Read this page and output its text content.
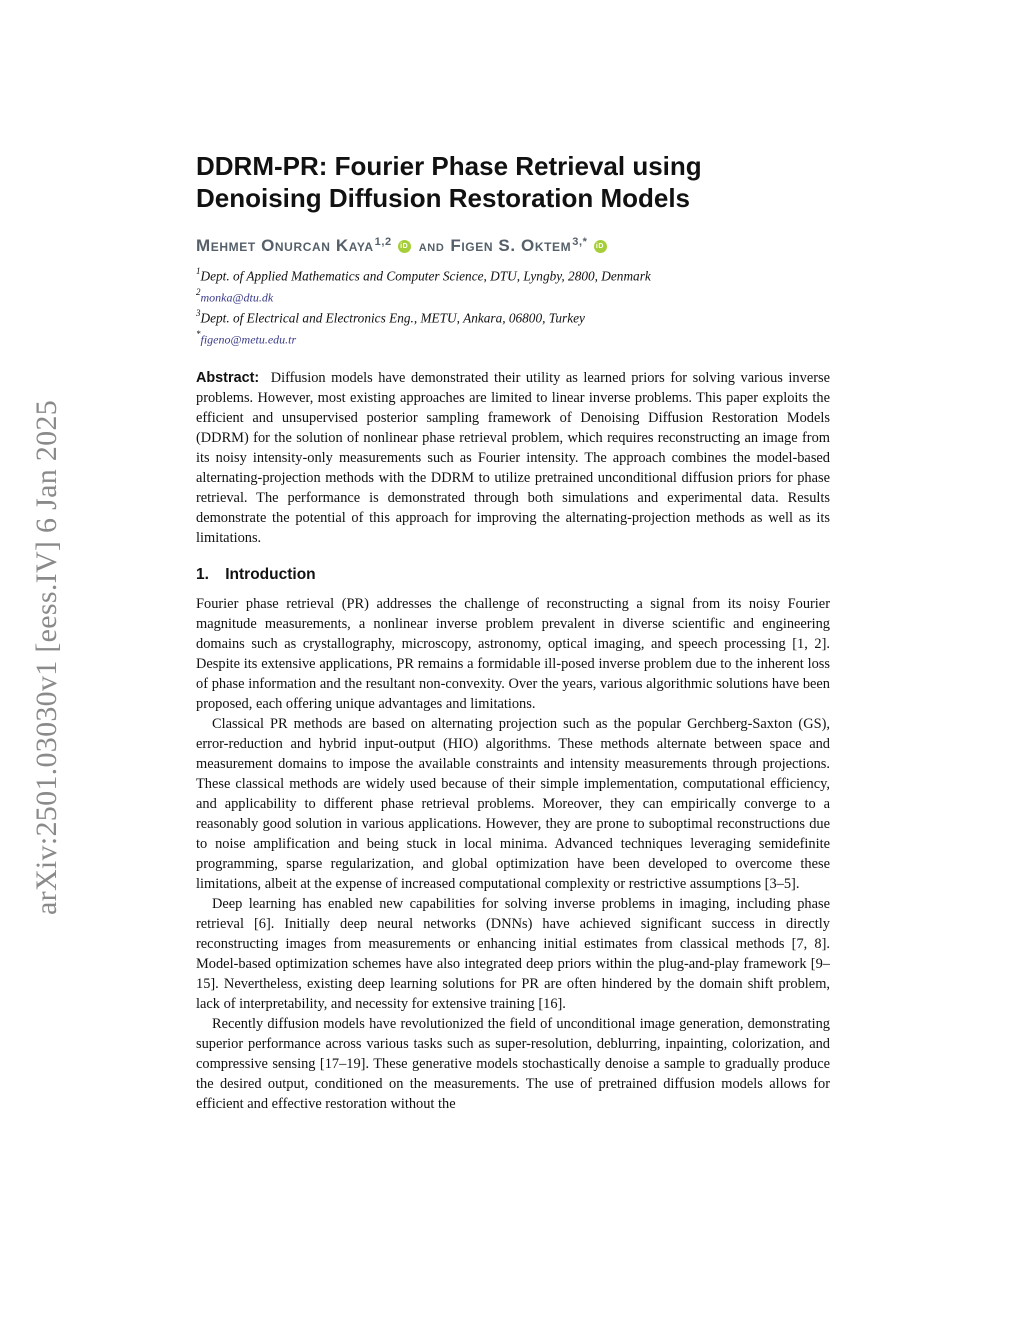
arXiv:2501.03030v1 [eess.IV] 6 Jan 2025
DDRM-PR: Fourier Phase Retrieval using
Denoising Diffusion Restoration Models
Mehmet Onurcan Kaya$^{1,2}$	iD and Figen S. Oktem$^{3,*}$	iD
$^1$Dept. of Applied Mathematics and Computer Science, DTU, Lyngby, 2800, Denmark
$^2$monka@dtu.dk
$^3$Dept. of Electrical and Electronics Eng., METU, Ankara, 06800, Turkey
*figeno@metu.edu.tr
Abstract: Diffusion models have demonstrated their utility as learned priors for solving various inverse problems. However, most existing approaches are limited to linear inverse problems. This paper exploits the efficient and unsupervised posterior sampling framework of Denoising Diffusion Restoration Models (DDRM) for the solution of nonlinear phase retrieval problem, which requires reconstructing an image from its noisy intensity-only measurements such as Fourier intensity. The approach combines the model-based alternating-projection methods with the DDRM to utilize pretrained unconditional diffusion priors for phase retrieval. The performance is demonstrated through both simulations and experimental data. Results demonstrate the potential of this approach for improving the alternating-projection methods as well as its limitations.
1. Introduction

Fourier phase retrieval (PR) addresses the challenge of reconstructing a signal from its noisy Fourier magnitude measurements, a nonlinear inverse problem prevalent in diverse scientific and engineering domains such as crystallography, microscopy, astronomy, optical imaging, and speech processing [1, 2]. Despite its extensive applications, PR remains a formidable ill-posed inverse problem due to the inherent loss of phase information and the resultant non-convexity. Over the years, various algorithmic solutions have been proposed, each offering unique advantages and limitations.

Classical PR methods are based on alternating projection such as the popular Gerchberg-Saxton (GS), error-reduction and hybrid input-output (HIO) algorithms. These methods alternate between space and measurement domains to impose the available constraints and intensity measurements through projections. These classical methods are widely used because of their simple implementation, computational efficiency, and applicability to different phase retrieval problems. Moreover, they can empirically converge to a reasonably good solution in various applications. However, they are prone to suboptimal reconstructions due to noise amplification and being stuck in local minima. Advanced techniques leveraging semidefinite programming, sparse regularization, and global optimization have been developed to overcome these limitations, albeit at the expense of increased computational complexity or restrictive assumptions [3–5].

Deep learning has enabled new capabilities for solving inverse problems in imaging, including phase retrieval [6]. Initially deep neural networks (DNNs) have achieved significant success in directly reconstructing images from measurements or enhancing initial estimates from classical methods [7, 8]. Model-based optimization schemes have also integrated deep priors within the plug-and-play framework [9–15]. Nevertheless, existing deep learning solutions for PR are often hindered by the domain shift problem, lack of interpretability, and necessity for extensive training [16].

Recently diffusion models have revolutionized the field of unconditional image generation, demonstrating superior performance across various tasks such as super-resolution, deblurring, inpainting, colorization, and compressive sensing [17–19]. These generative models stochastically denoise a sample to gradually produce the desired output, conditioned on the measurements. The use of pretrained diffusion models allows for efficient and effective restoration without the
